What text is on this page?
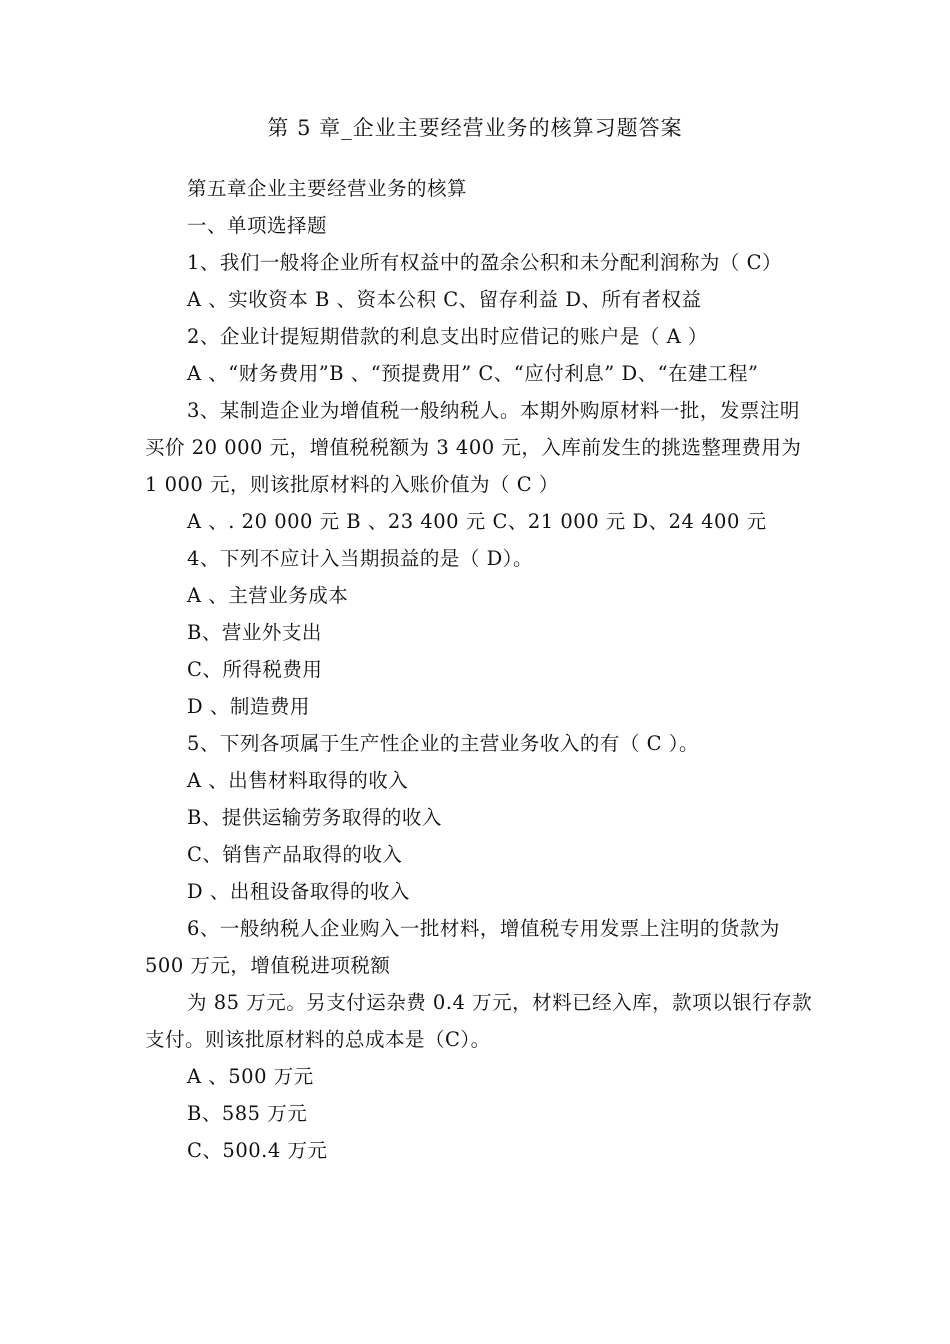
第 5 章_企业主要经营业务的核算习题答案

第五章企业主要经营业务的核算

一、单项选择题

1、我们一般将企业所有权益中的盈余公积和未分配利润称为（ C）

A 、实收资本 B 、资本公积 C、留存利益 D、所有者权益

2、企业计提短期借款的利息支出时应借记的账户是（ A ）

A 、“财务费用”B 、“预提费用” C、“应付利息” D、“在建工程”

3、某制造企业为增值税一般纳税人。本期外购原材料一批，发票注明买价 20 000 元，增值税税额为 3 400 元，入库前发生的挑选整理费用为 1 000 元，则该批原材料的入账价值为（ C ）

A 、. 20 000 元 B 、23 400 元 C、21 000 元 D、24 400 元

4、下列不应计入当期损益的是（ D）。

A 、主营业务成本

B、营业外支出

C、所得税费用

D 、制造费用

5、下列各项属于生产性企业的主营业务收入的有（ C ）。

A 、出售材料取得的收入

B、提供运输劳务取得的收入

C、销售产品取得的收入

D 、出租设备取得的收入

6、一般纳税人企业购入一批材料，增值税专用发票上注明的货款为 500 万元，增值税进项税额

为 85 万元。另支付运杂费 0.4 万元，材料已经入库，款项以银行存款支付。则该批原材料的总成本是（C）。

A 、500 万元

B、585 万元

C、500.4 万元
